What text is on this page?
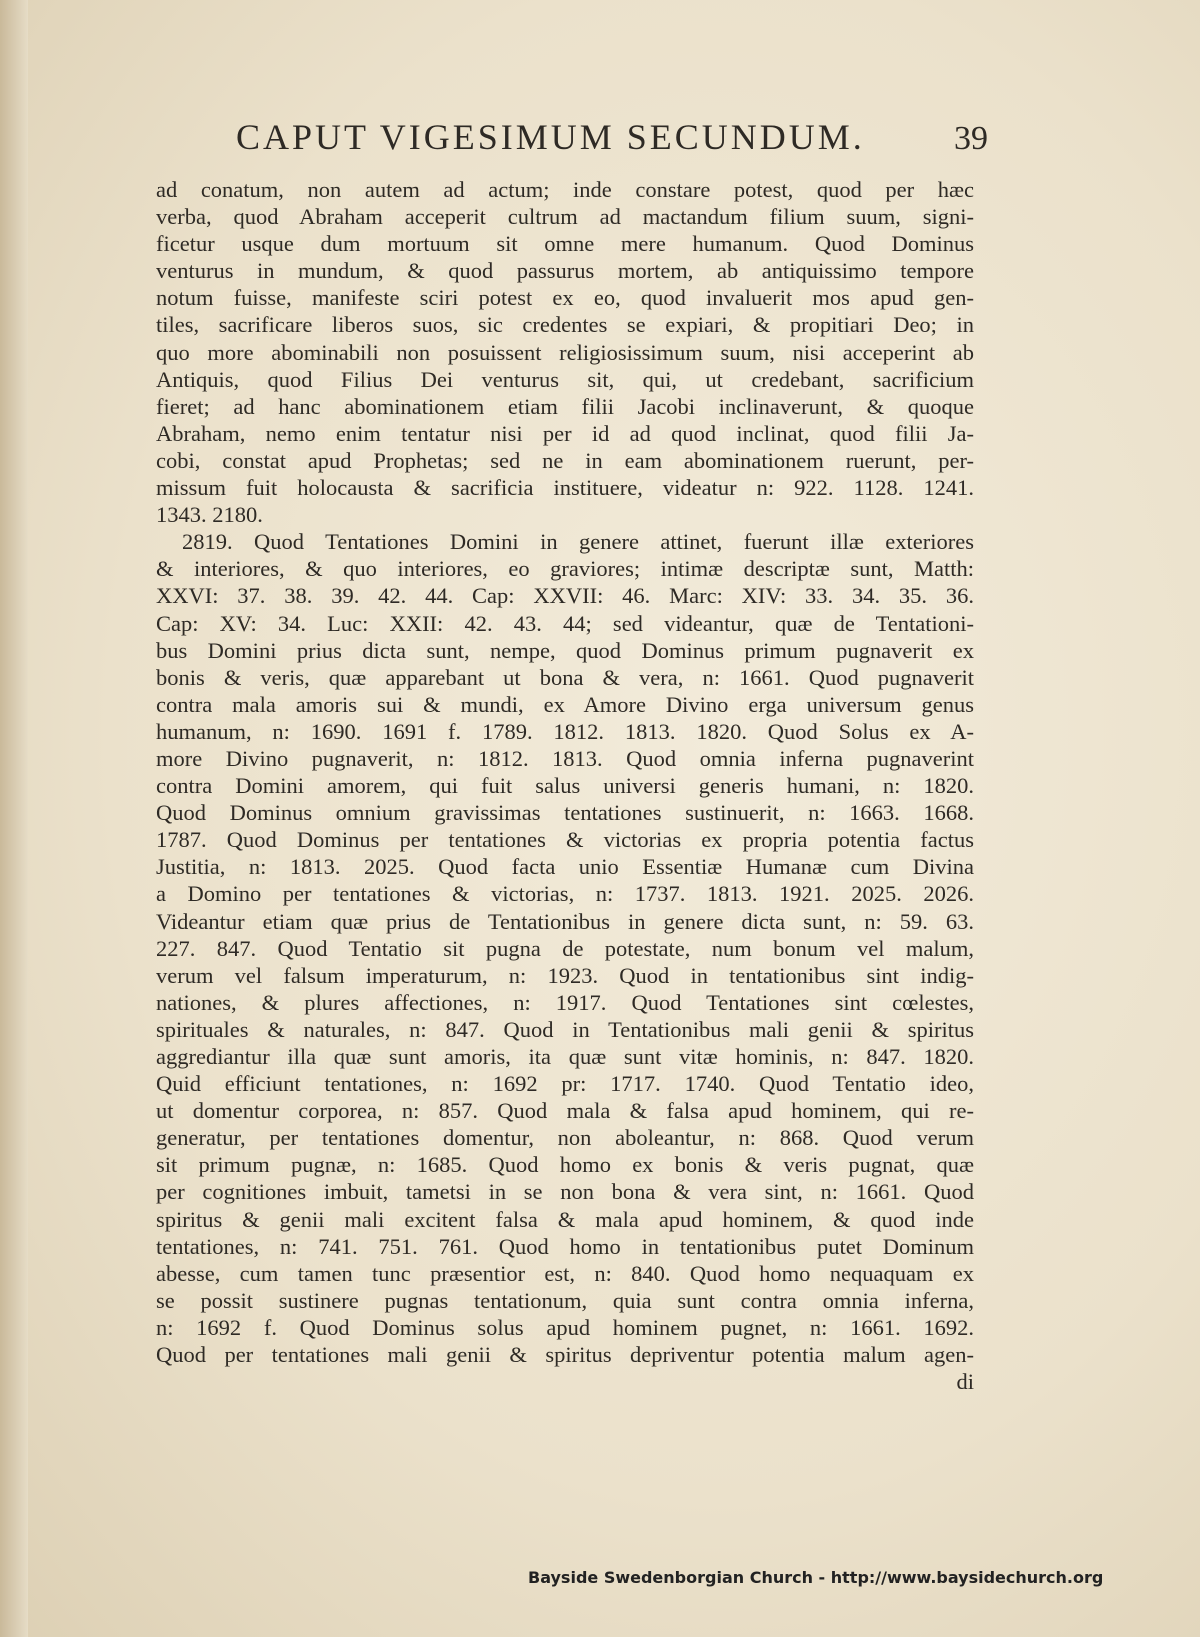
CAPUT VIGESIMUM SECUNDUM.	39
ad conatum, non autem ad actum; inde constare potest, quod per hæc
verba, quod Abraham acceperit cultrum ad mactandum filium suum, signi-
ficetur usque dum mortuum sit omne mere humanum. Quod Dominus
venturus in mundum, & quod passurus mortem, ab antiquissimo tempore
notum fuisse, manifeste sciri potest ex eo, quod invaluerit mos apud gen-
tiles, sacrificare liberos suos, sic credentes se expiari, & propitiari Deo; in
quo more abominabili non posuissent religiosissimum suum, nisi acceperint ab
Antiquis, quod Filius Dei venturus sit, qui, ut credebant, sacrificium
fieret; ad hanc abominationem etiam filii Jacobi inclinaverunt, & quoque
Abraham, nemo enim tentatur nisi per id ad quod inclinat, quod filii Ja-
cobi, constat apud Prophetas; sed ne in eam abominationem ruerunt, per-
missum fuit holocausta & sacrificia instituere, videatur n: 922. 1128. 1241.
1343. 2180.
2819. Quod Tentationes Domini in genere attinet, fuerunt illæ exteriores
& interiores, & quo interiores, eo graviores; intimæ descriptæ sunt, Matth:
XXVI: 37. 38. 39. 42. 44. Cap: XXVII: 46. Marc: XIV: 33. 34. 35. 36.
Cap: XV: 34. Luc: XXII: 42. 43. 44; sed videantur, quæ de Tentationi-
bus Domini prius dicta sunt, nempe, quod Dominus primum pugnaverit ex
bonis & veris, quæ apparebant ut bona & vera, n: 1661. Quod pugnaverit
contra mala amoris sui & mundi, ex Amore Divino erga universum genus
humanum, n: 1690. 1691 f. 1789. 1812. 1813. 1820. Quod Solus ex A-
more Divino pugnaverit, n: 1812. 1813. Quod omnia inferna pugnaverint
contra Domini amorem, qui fuit salus universi generis humani, n: 1820.
Quod Dominus omnium gravissimas tentationes sustinuerit, n: 1663. 1668.
1787. Quod Dominus per tentationes & victorias ex propria potentia factus
Justitia, n: 1813. 2025. Quod facta unio Essentiæ Humanæ cum Divina
a Domino per tentationes & victorias, n: 1737. 1813. 1921. 2025. 2026.
Videantur etiam quæ prius de Tentationibus in genere dicta sunt, n: 59. 63.
227. 847. Quod Tentatio sit pugna de potestate, num bonum vel malum,
verum vel falsum imperaturum, n: 1923. Quod in tentationibus sint indig-
nationes, & plures affectiones, n: 1917. Quod Tentationes sint cœlestes,
spirituales & naturales, n: 847. Quod in Tentationibus mali genii & spiritus
aggrediantur illa quæ sunt amoris, ita quæ sunt vitæ hominis, n: 847. 1820.
Quid efficiunt tentationes, n: 1692 pr: 1717. 1740. Quod Tentatio ideo,
ut domentur corporea, n: 857. Quod mala & falsa apud hominem, qui re-
generatur, per tentationes domentur, non aboleantur, n: 868. Quod verum
sit primum pugnæ, n: 1685. Quod homo ex bonis & veris pugnat, quæ
per cognitiones imbuit, tametsi in se non bona & vera sint, n: 1661. Quod
spiritus & genii mali excitent falsa & mala apud hominem, & quod inde
tentationes, n: 741. 751. 761. Quod homo in tentationibus putet Dominum
abesse, cum tamen tunc præsentior est, n: 840. Quod homo nequaquam ex
se possit sustinere pugnas tentationum, quia sunt contra omnia inferna,
n: 1692 f. Quod Dominus solus apud hominem pugnet, n: 1661. 1692.
Quod per tentationes mali genii & spiritus depriventur potentia malum agen-
di
Bayside Swedenborgian Church - http://www.baysidechurch.org
